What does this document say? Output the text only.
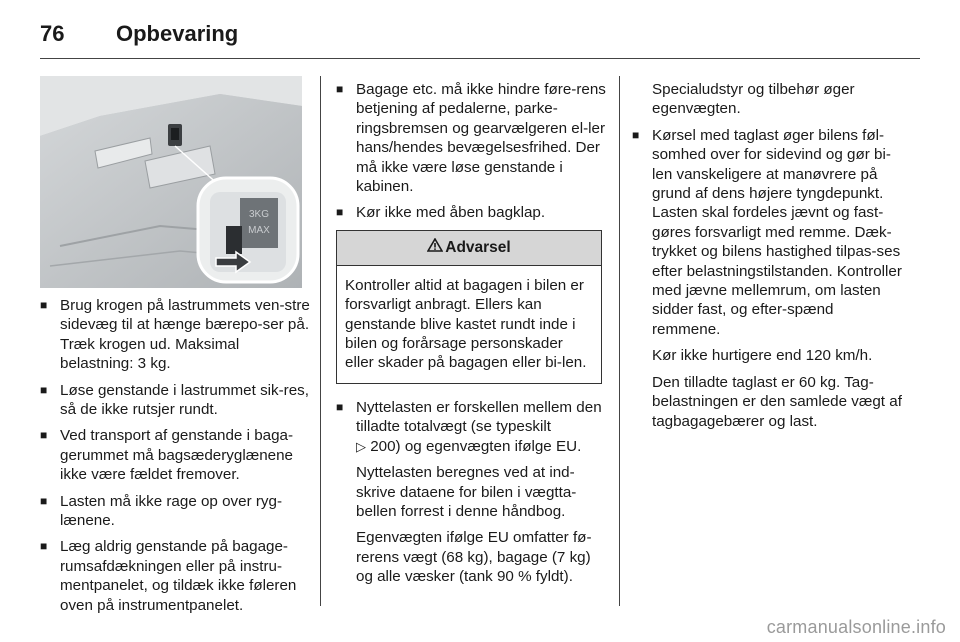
76	Opbevaring
3KG
MAX
■ Brug krogen på lastrummets ven-stre sidevæg til at hænge bærepo-ser på. Træk krogen ud. Maksimal belastning: 3 kg.
■ Løse genstande i lastrummet sik-res, så de ikke rutsjer rundt.
■ Ved transport af genstande i baga-gerummet må bagsæderyglænene ikke være fældet fremover.
■ Lasten må ikke rage op over ryg-lænene.
■ Læg aldrig genstande på bagage-rumsafdækningen eller på instru-mentpanelet, og tildæk ikke føleren oven på instrumentpanelet.
■ Bagage etc. må ikke hindre føre-rens betjening af pedalerne, parke-ringsbremsen og gearvælgeren el-ler hans/hendes bevægelsesfrihed. Der må ikke være løse genstande i kabinen.
■ Kør ikke med åben bagklap.
Advarsel
Kontroller altid at bagagen i bilen er forsvarligt anbragt. Ellers kan genstande blive kastet rundt inde i bilen og forårsage personskader eller skader på bagagen eller bi-len.
■ Nyttelasten er forskellen mellem den tilladte totalvægt (se typeskilt
▷ 200) og egenvægten ifølge EU.

Nyttelasten beregnes ved at ind-skrive dataene for bilen i vægtta-bellen forrest i denne håndbog.

Egenvægten ifølge EU omfatter fø-rerens vægt (68 kg), bagage (7 kg) og alle væsker (tank 90 % fyldt).

Specialudstyr og tilbehør øger egenvægten.

■ Kørsel med taglast øger bilens føl-somhed over for sidevind og gør bi-len vanskeligere at manøvrere på grund af dens højere tyngdepunkt. Lasten skal fordeles jævnt og fast-gøres forsvarligt med remme. Dæk-trykket og bilens hastighed tilpas-ses efter belastningstilstanden. Kontroller med jævne mellemrum, om lasten sidder fast, og efter-spænd remmene.

Kør ikke hurtigere end 120 km/h.

Den tilladte taglast er 60 kg. Tag-belastningen er den samlede vægt af tagbagagebærer og last.

carmanualsonline.info
